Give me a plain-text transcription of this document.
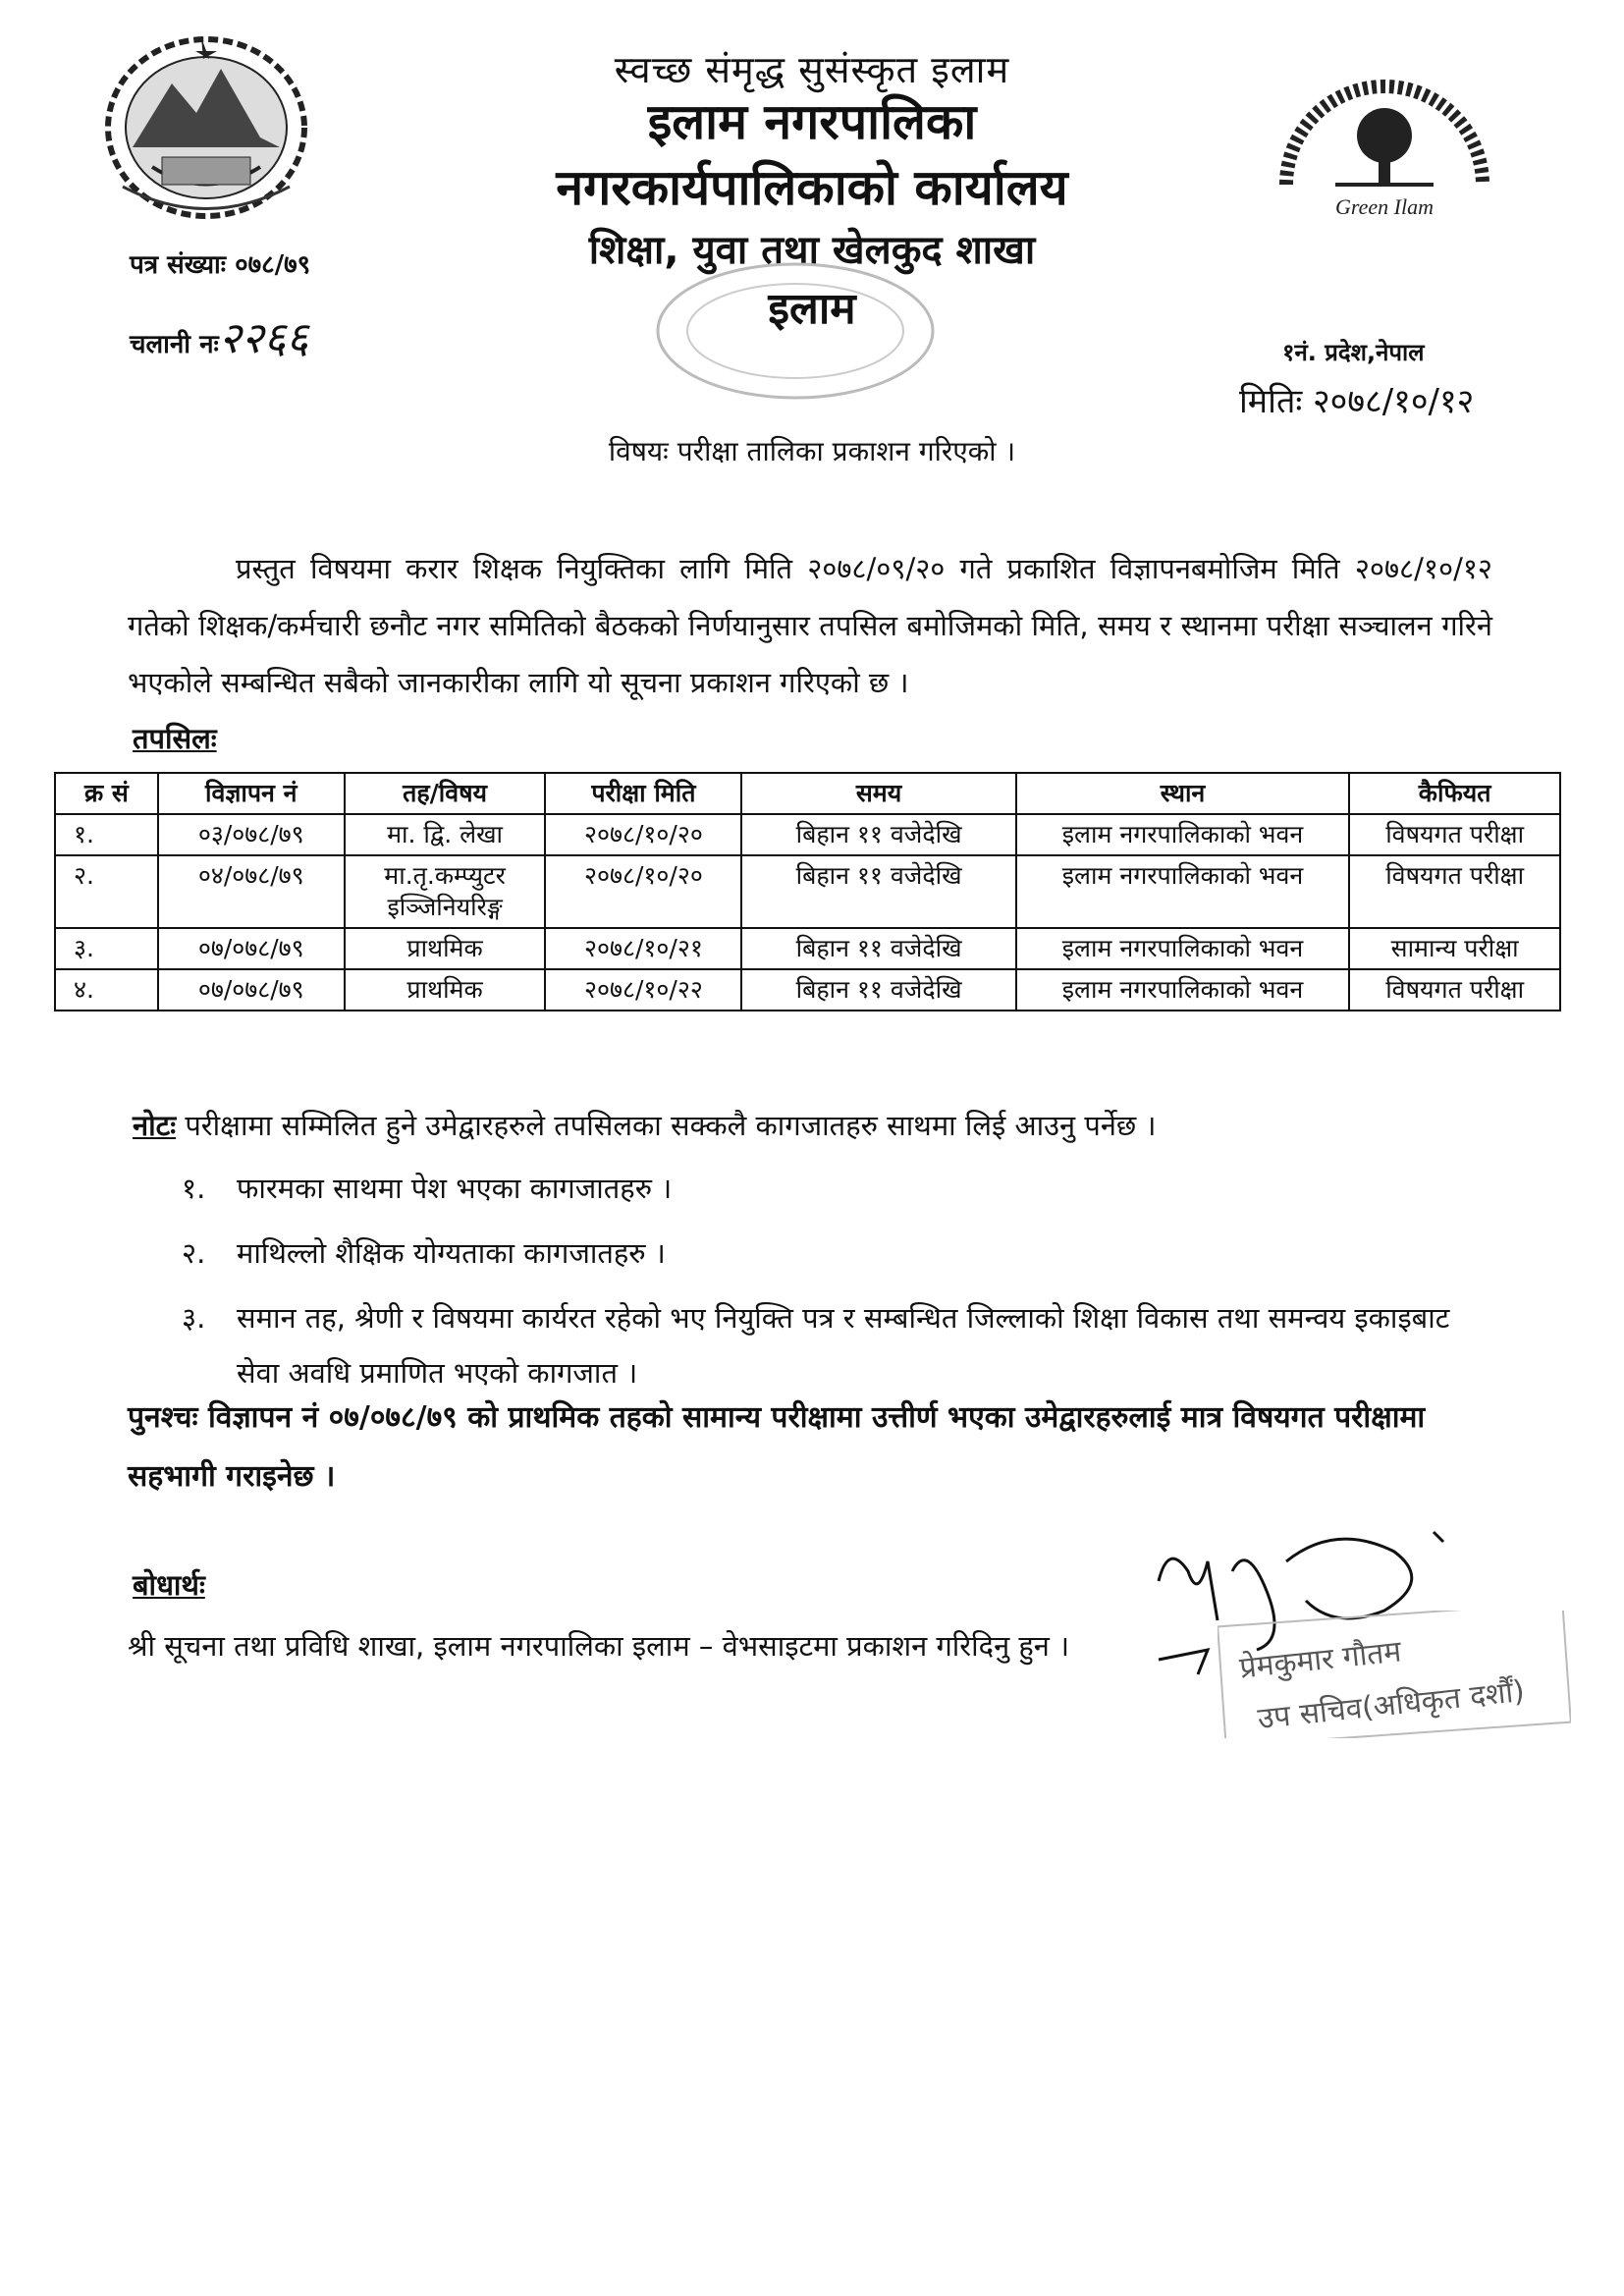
Green Ilam
स्वच्छ संमृद्ध सुसंस्कृत इलाम
इलाम नगरपालिका
नगरकार्यपालिकाको कार्यालय
शिक्षा, युवा तथा खेलकुद शाखा
इलाम
पत्र संख्याः ०७८/७९
चलानी नः२२६६	१नं. प्रदेश,नेपाल
मितिः २०७८/१०/१२
विषयः परीक्षा तालिका प्रकाशन गरिएको ।
प्रस्तुत विषयमा करार शिक्षक नियुक्तिका लागि मिति २०७८/०९/२० गते प्रकाशित विज्ञापनबमोजिम मिति २०७८/१०/१२ गतेको शिक्षक/कर्मचारी छनौट नगर समितिको बैठकको निर्णयानुसार तपसिल बमोजिमको मिति, समय र स्थानमा परीक्षा सञ्चालन गरिने भएकोले सम्बन्धित सबैको जानकारीका लागि यो सूचना प्रकाशन गरिएको छ ।
तपसिलः
क्र सं	विज्ञापन नं	तह/विषय	परीक्षा मिति	समय	स्थान	कैफियत
१.	०३/०७८/७९	मा. द्वि. लेखा	२०७८/१०/२०	बिहान ११ वजेदेखि	इलाम नगरपालिकाको भवन	विषयगत परीक्षा
२.	०४/०७८/७९	मा.तृ.कम्प्युटर इञ्जिनियरिङ्ग	२०७८/१०/२०	बिहान ११ वजेदेखि	इलाम नगरपालिकाको भवन	विषयगत परीक्षा
३.	०७/०७८/७९	प्राथमिक	२०७८/१०/२१	बिहान ११ वजेदेखि	इलाम नगरपालिकाको भवन	सामान्य परीक्षा
४.	०७/०७८/७९	प्राथमिक	२०७८/१०/२२	बिहान ११ वजेदेखि	इलाम नगरपालिकाको भवन	विषयगत परीक्षा
नोटः परीक्षामा सम्मिलित हुने उमेद्वारहरुले तपसिलका सक्कलै कागजातहरु साथमा लिई आउनु पर्नेछ ।
१.	फारमका साथमा पेश भएका कागजातहरु ।
२.	माथिल्लो शैक्षिक योग्यताका कागजातहरु ।
३.	समान तह, श्रेणी र विषयमा कार्यरत रहेको भए नियुक्ति पत्र र सम्बन्धित जिल्लाको शिक्षा विकास तथा समन्वय इकाइबाट सेवा अवधि प्रमाणित भएको कागजात ।
पुनश्चः विज्ञापन नं ०७/०७८/७९ को प्राथमिक तहको सामान्य परीक्षामा उत्तीर्ण भएका उमेद्वारहरुलाई मात्र विषयगत परीक्षामा सहभागी गराइनेछ ।
बोधार्थः
श्री सूचना तथा प्रविधि शाखा, इलाम नगरपालिका इलाम – वेभसाइटमा प्रकाशन गरिदिनु हुन ।	प्रेमकुमार गौतम
उप सचिव(अधिकृत दर्शौं)
